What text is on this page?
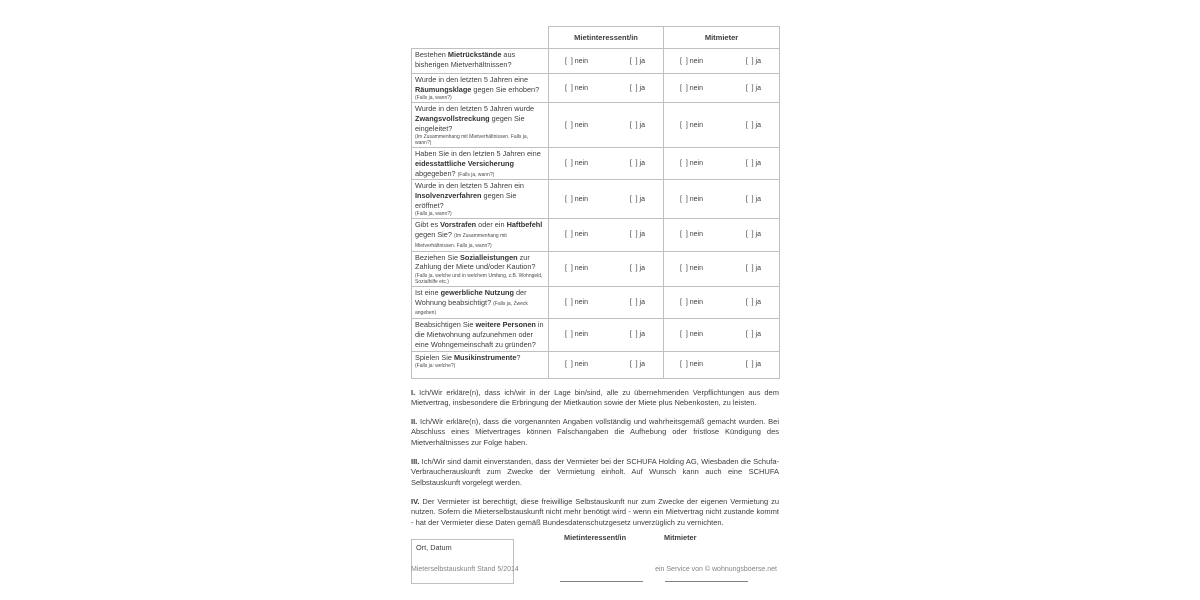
	Mietinteressent/in	Mitmieter
Bestehen Mietrückstände aus bisherigen Mietverhältnissen?	[  ] nein [  ] ja	[  ] nein [  ] ja

Wurde in den letzten 5 Jahren eine Räumungsklage gegen Sie erhoben?
(Falls ja, wann?)	[  ] nein [  ] ja	[  ] nein [  ] ja

Wurde in den letzten 5 Jahren wurde Zwangsvollstreckung gegen Sie eingeleitet?
(Im Zusammenhang mit Mietverhältnissen. Falls ja, wann?)	[  ] nein [  ] ja	[  ] nein [  ] ja

Haben Sie in den letzten 5 Jahren eine eidesstattliche Versicherung abgegeben? (Falls ja, wann?)	[  ] nein [  ] ja	[  ] nein [  ] ja

Wurde in den letzten 5 Jahren ein Insolvenzverfahren gegen Sie eröffnet?
(Falls ja, wann?)	[  ] nein [  ] ja	[  ] nein [  ] ja

Gibt es Vorstrafen oder ein Haftbefehl gegen Sie? (Im Zusammenhang mit Mietverhältnissen. Falls ja, wann?)	[  ] nein [  ] ja	[  ] nein [  ] ja

Beziehen Sie Sozialleistungen zur Zahlung der Miete und/oder Kaution?
(Falls ja, welche und in welchem Umfang, z.B. Wohngeld, Sozialhilfe etc.)	[  ] nein [  ] ja	[  ] nein [  ] ja

Ist eine gewerbliche Nutzung der Wohnung beabsichtigt? (Falls ja, Zweck angeben)	[  ] nein [  ] ja	[  ] nein [  ] ja

Beabsichtigen Sie weitere Personen in die Mietwohnung aufzunehmen oder eine Wohngemeinschaft zu gründen?	[  ] nein [  ] ja	[  ] nein [  ] ja

Spielen Sie Musikinstrumente?
(Falls ja: welche?)	[  ] nein [  ] ja	[  ] nein [  ] ja

I. Ich/Wir erkläre(n), dass ich/wir in der Lage bin/sind, alle zu übernehmenden Verpflichtungen aus dem Mietvertrag, insbesondere die Erbringung der Mietkaution sowie der Miete plus Nebenkosten, zu leisten.

II. Ich/Wir erkläre(n), dass die vorgenannten Angaben vollständig und wahrheitsgemäß gemacht wurden. Bei Abschluss eines Mietvertrages können Falschangaben die Aufhebung oder fristlose Kündigung des Mietverhältnisses zur Folge haben.

III. Ich/Wir sind damit einverstanden, dass der Vermieter bei der SCHUFA Holding AG, Wiesbaden die Schufa-Verbraucherauskunft zum Zwecke der Vermietung einholt. Auf Wunsch kann auch eine SCHUFA Selbstauskunft vorgelegt werden.

IV. Der Vermieter ist berechtigt, diese freiwillige Selbstauskunft nur zum Zwecke der eigenen Vermietung zu nutzen. Sofern die Mieterselbstauskunft nicht mehr benötigt wird - wenn ein Mietvertrag nicht zustande kommt - hat der Vermieter diese Daten gemäß Bundesdatenschutzgesetz unverzüglich zu vernichten.

Ort, Datum
Mietinteressent/in	Mitmieter
Mieterselbstauskunft Stand 5/2014	ein Service von © wohnungsboerse.net
